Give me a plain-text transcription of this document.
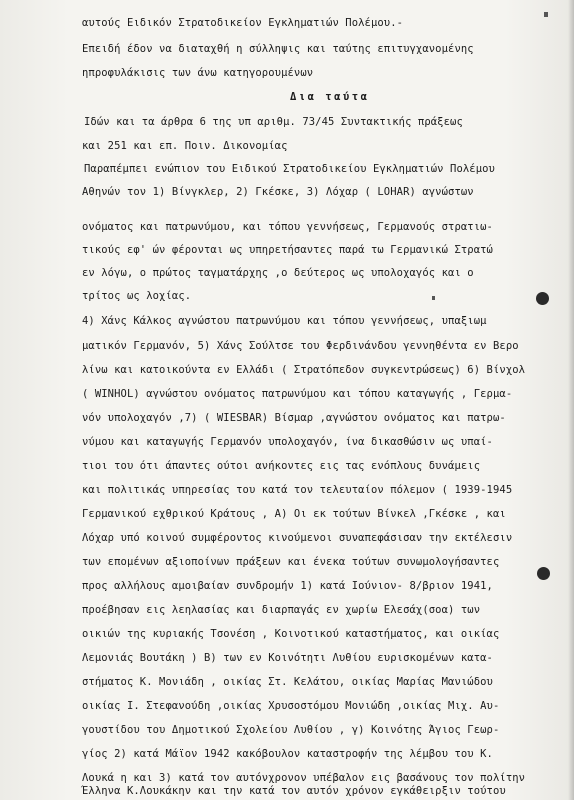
αυτούς Ειδικόν Στρατοδικείον Εγκληματιών Πολέμου.-
Επειδή έδον να διαταχθή η σύλληψις και ταύτης επιτυγχανομένης
ηπροφυλάκισις των άνω κατηγορουμένων
Δια ταύτα
Ιδών και τα άρθρα 6 της υπ αριθμ. 73/45 Συντακτικής πράξεως
και 251 και επ. Ποιν. Δικονομίας
Παραπέμπει ενώπιον του Ειδικού Στρατοδικείου Εγκληματιών Πολέμου
Αθηνών τον 1) Βίνγκλερ, 2) Γκέσκε, 3) Λόχαρ ( LOHAR) αγνώστων
ονόματος και πατρωνύμου, και τόπου γεννήσεως, Γερμανούς στρατιω-
τικούς εφ' ών φέρονται ως υπηρετήσαντες παρά τω Γερμανικώ Στρατώ
εν λόγω, ο πρώτος ταγματάρχης ,ο δεύτερος ως υπολοχαγός και ο
τρίτος ως λοχίας.
4) Χάνς Κάλκος αγνώστου πατρωνύμου και τόπου γεννήσεως, υπαξιωμ
ματικόν Γερμανόν, 5) Χάνς Σούλτσε του Φερδινάνδου γεννηθέντα εν Βερο
λίνω και κατοικούντα εν Ελλάδι ( Στρατόπεδον συγκεντρώσεως) 6) Βίνχολ
( WINHOL) αγνώστου ονόματος πατρωνύμου και τόπου καταγωγής , Γερμα-
νόν υπολοχαγόν ,7) ( WIESBAR) Βίσμαρ ,αγνώστου ονόματος και πατρω-
νύμου και καταγωγής Γερμανόν υπολοχαγόν, ίνα δικασθώσιν ως υπαί-
τιοι του ότι άπαντες ούτοι ανήκοντες εις τας ενόπλους δυνάμεις
και πολιτικάς υπηρεσίας του κατά τον τελευταίον πόλεμον ( 1939-1945
Γερμανικού εχθρικού Κράτους , Α) Οι εκ τούτων Βίνκελ ,Γκέσκε , και
Λόχαρ υπό κοινού συμφέροντος κινούμενοι συναπεφάσισαν την εκτέλεσιν
των επομένων αξιοποίνων πράξεων και ένεκα τούτων συνωμολογήσαντες
προς αλλήλους αμοιβαίαν συνδρομήν 1) κατά Ιούνιον- 8/βριον 1941,
προέβησαν εις λεηλασίας και διαρπαγάς εν χωρίω Ελεσάχ(σοα) των
οικιών της κυριακής Τσονέση , Κοινοτικού καταστήματος, και οικίας
Λεμονιάς Βουτάκη ) Β) των εν Κοινότητι Λυθίου ευρισκομένων κατα-
στήματος Κ. Μονιάδη , οικίας Στ. Κελάτου, οικίας Μαρίας Μανιώδου
οικίας Ι. Στεφανούδη ,οικίας Χρυσοστόμου Μονιώδη ,οικίας Μιχ. Αυ-
γουστίδου του Δημοτικού Σχολείου Λυθίου , γ) Κοινότης Άγιος Γεωρ-
γίος 2) κατά Μάϊον 1942 κακόβουλον καταστροφήν της λέμβου του Κ.
Λουκά η και 3) κατά τον αυτόνχρονον υπέβαλον εις βασάνους τον πολίτην
Έλληνα Κ.Λουκάκην και την κατά τον αυτόν χρόνον εγκάθειρξιν τούτου
